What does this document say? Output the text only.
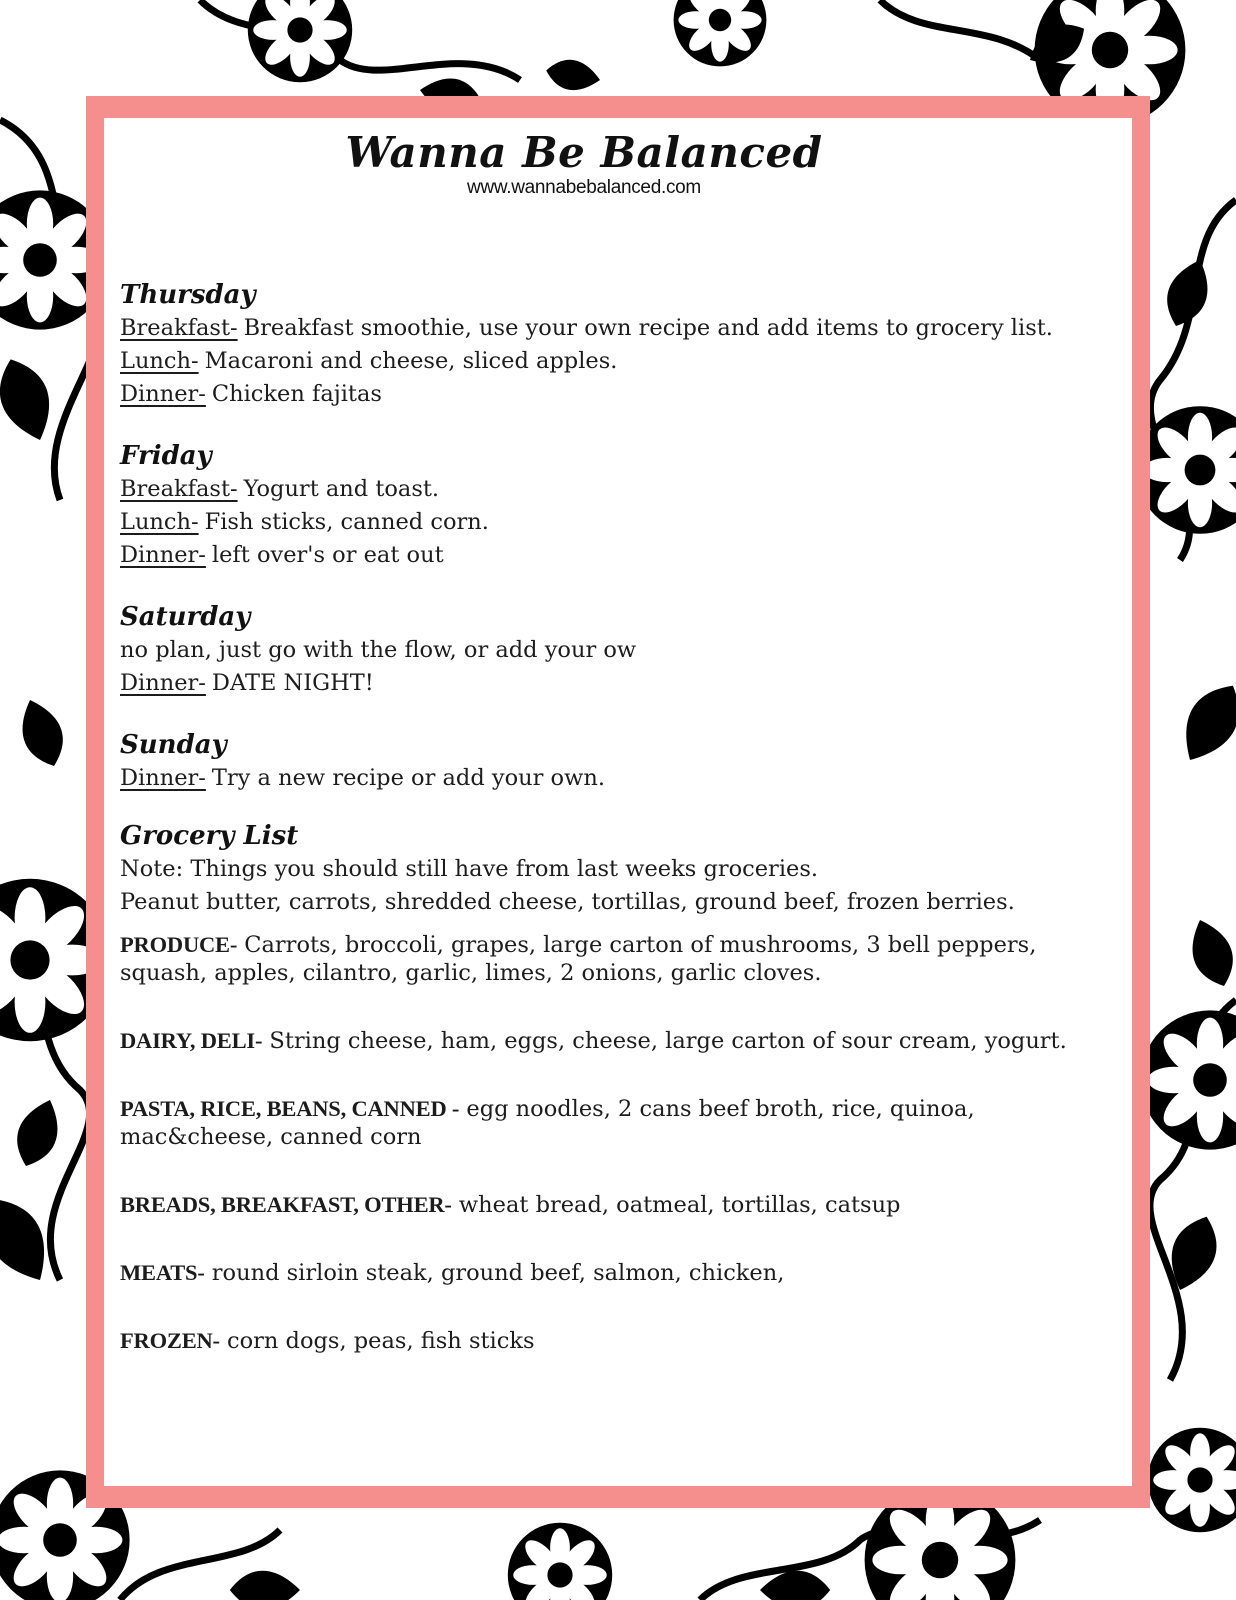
Wanna Be Balanced
www.wannabebalanced.com
Thursday
Breakfast- Breakfast smoothie, use your own recipe and add items to grocery list.
Lunch- Macaroni and cheese, sliced apples.
Dinner- Chicken fajitas
Friday
Breakfast- Yogurt and toast.
Lunch- Fish sticks, canned corn.
Dinner- left over's or eat out
Saturday
no plan, just go with the flow, or add your ow
Dinner- DATE NIGHT!
Sunday
Dinner- Try a new recipe or add your own.
Grocery List
Note: Things you should still have from last weeks groceries.
Peanut butter, carrots, shredded cheese, tortillas, ground beef, frozen berries.
PRODUCE- Carrots, broccoli, grapes, large carton of mushrooms, 3 bell peppers, squash, apples, cilantro, garlic, limes, 2 onions, garlic cloves.
DAIRY, DELI- String cheese, ham, eggs, cheese, large carton of sour cream, yogurt.
PASTA, RICE, BEANS, CANNED - egg noodles, 2 cans beef broth, rice, quinoa, mac&cheese, canned corn
BREADS, BREAKFAST, OTHER- wheat bread, oatmeal, tortillas, catsup
MEATS- round sirloin steak, ground beef, salmon, chicken,
FROZEN- corn dogs, peas, fish sticks
